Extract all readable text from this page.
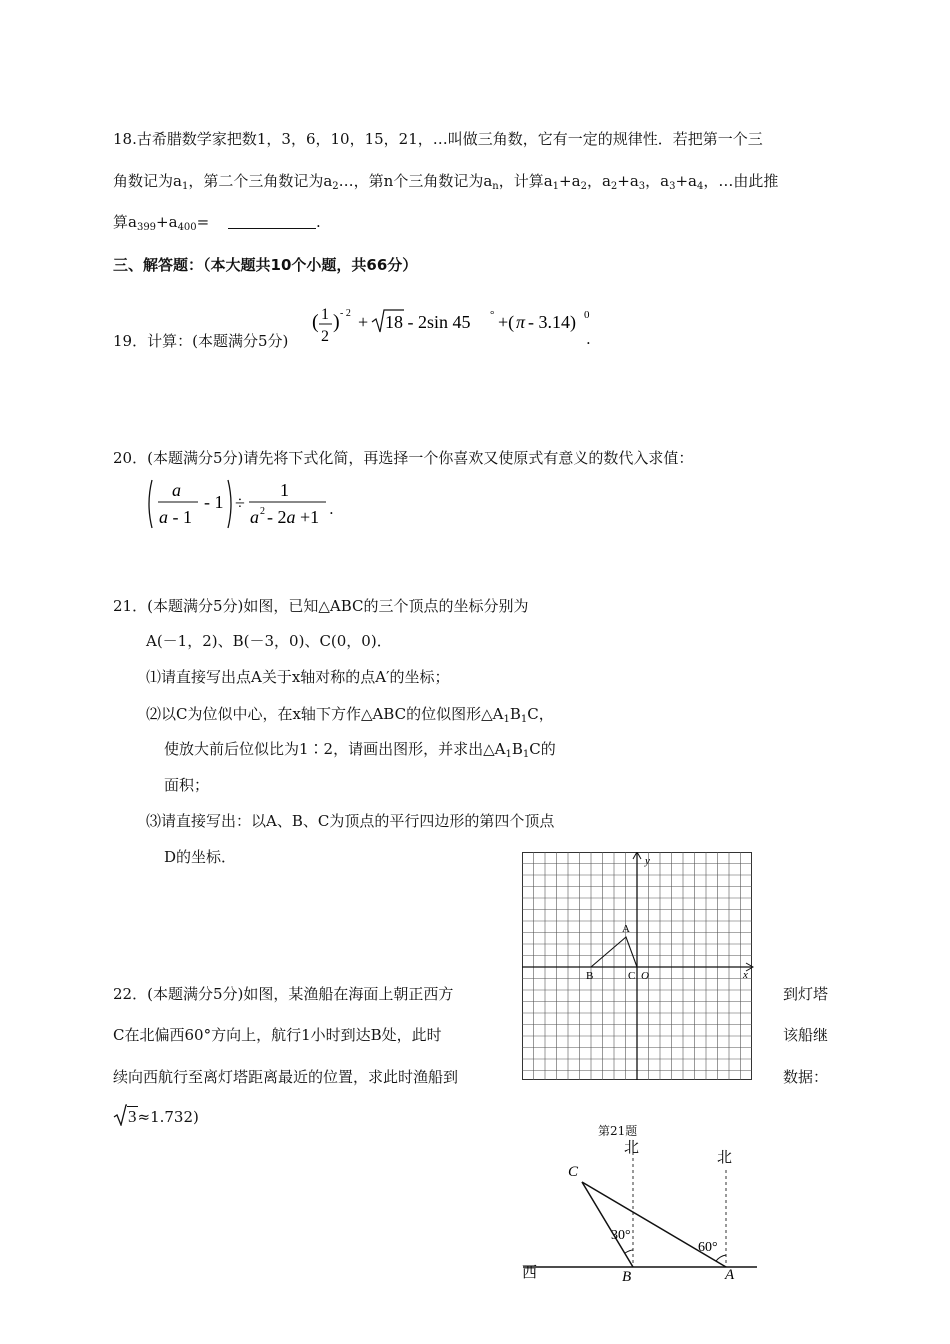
18.古希腊数学家把数1，3，6，10，15，21，…叫做三角数，它有一定的规律性．若把第一个三
角数记为$a_1$，第二个三角数记为$a_2\dots$，第n个三角数记为$a_n$，计算$a_1+a_2$，$a_2+a_3$，$a_3+a_4$，…由此推
算$a_{399}+a_{400}=$	.
三、解答题：（本大题共10个小题，共66分）
19．计算：(本题满分5分)
( 1
2
) - 2 + 18 - 2sin 45 ° +( π - 3.14) 0
.
20．(本题满分5分)请先将下式化简，再选择一个你喜欢又使原式有意义的数代入求值：
a
a - 1
- 1 ÷
1
a 2 - 2a +1 .
21．(本题满分5分)如图，已知△ABC的三个顶点的坐标分别为
A(－1，2)、B(－3，0)、C(0，0)．
⑴请直接写出点A关于x轴对称的点A′的坐标；
⑵以C为位似中心，在x轴下方作△ABC的位似图形$\triangle A_1B_1C$，
使放大前后位似比为1∶2，请画出图形，并求出$\triangle A_1B_1C$的
面积；
⑶请直接写出：以A、B、C为顶点的平行四边形的第四个顶点
D的坐标．
22．(本题满分5分)如图，某渔船在海面上朝正西方	到灯塔
C在北偏西60°方向上，航行1小时到达B处，此时	该船继
续向西航行至离灯塔距离最近的位置，求此时渔船到	数据：
3≈1.732)
y
x
A
B	C O
第21题
北
北
西
C
B	A
30°
60°
